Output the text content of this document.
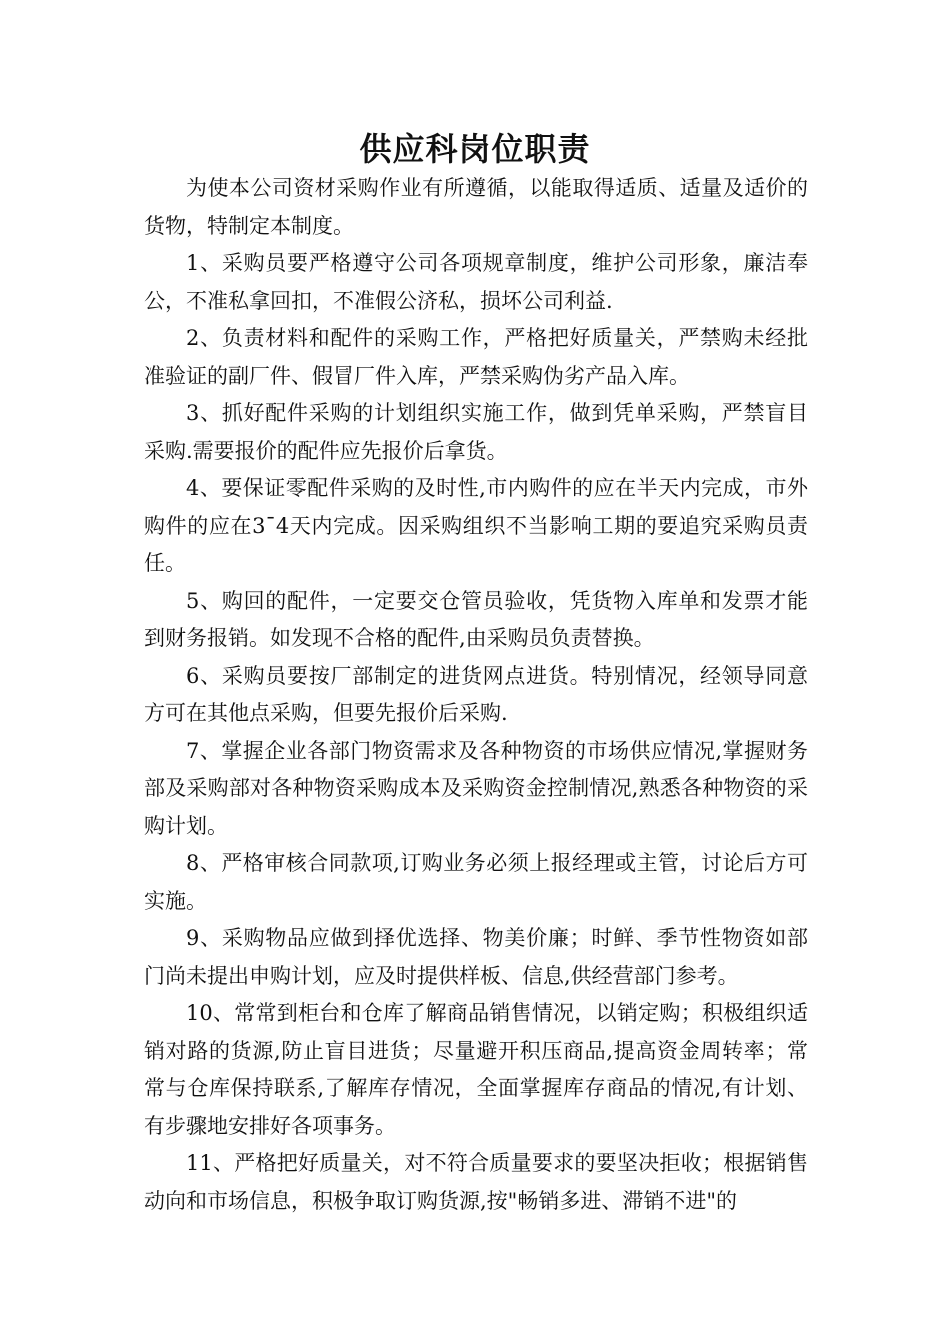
供应科岗位职责

为使本公司资材采购作业有所遵循，以能取得适质、适量及适价的货物，特制定本制度。

1、采购员要严格遵守公司各项规章制度，维护公司形象，廉洁奉公，不准私拿回扣，不准假公济私，损坏公司利益.

2、负责材料和配件的采购工作，严格把好质量关，严禁购未经批准验证的副厂件、假冒厂件入库，严禁采购伪劣产品入库。

3、抓好配件采购的计划组织实施工作，做到凭单采购，严禁盲目采购.需要报价的配件应先报价后拿货。

4、要保证零配件采购的及时性,市内购件的应在半天内完成，市外购件的应在3¯4天内完成。因采购组织不当影响工期的要追究采购员责任。

5、购回的配件，一定要交仓管员验收，凭货物入库单和发票才能到财务报销。如发现不合格的配件,由采购员负责替换。

6、采购员要按厂部制定的进货网点进货。特别情况，经领导同意方可在其他点采购，但要先报价后采购.

7、掌握企业各部门物资需求及各种物资的市场供应情况,掌握财务部及采购部对各种物资采购成本及采购资金控制情况,熟悉各种物资的采购计划。

8、严格审核合同款项,订购业务必须上报经理或主管，讨论后方可实施。

9、采购物品应做到择优选择、物美价廉；时鲜、季节性物资如部门尚未提出申购计划，应及时提供样板、信息,供经营部门参考。

10、常常到柜台和仓库了解商品销售情况，以销定购；积极组织适销对路的货源,防止盲目进货；尽量避开积压商品,提高资金周转率；常常与仓库保持联系,了解库存情况，全面掌握库存商品的情况,有计划、有步骤地安排好各项事务。

11、严格把好质量关，对不符合质量要求的要坚决拒收；根据销售动向和市场信息，积极争取订购货源,按"畅销多进、滞销不进"的
